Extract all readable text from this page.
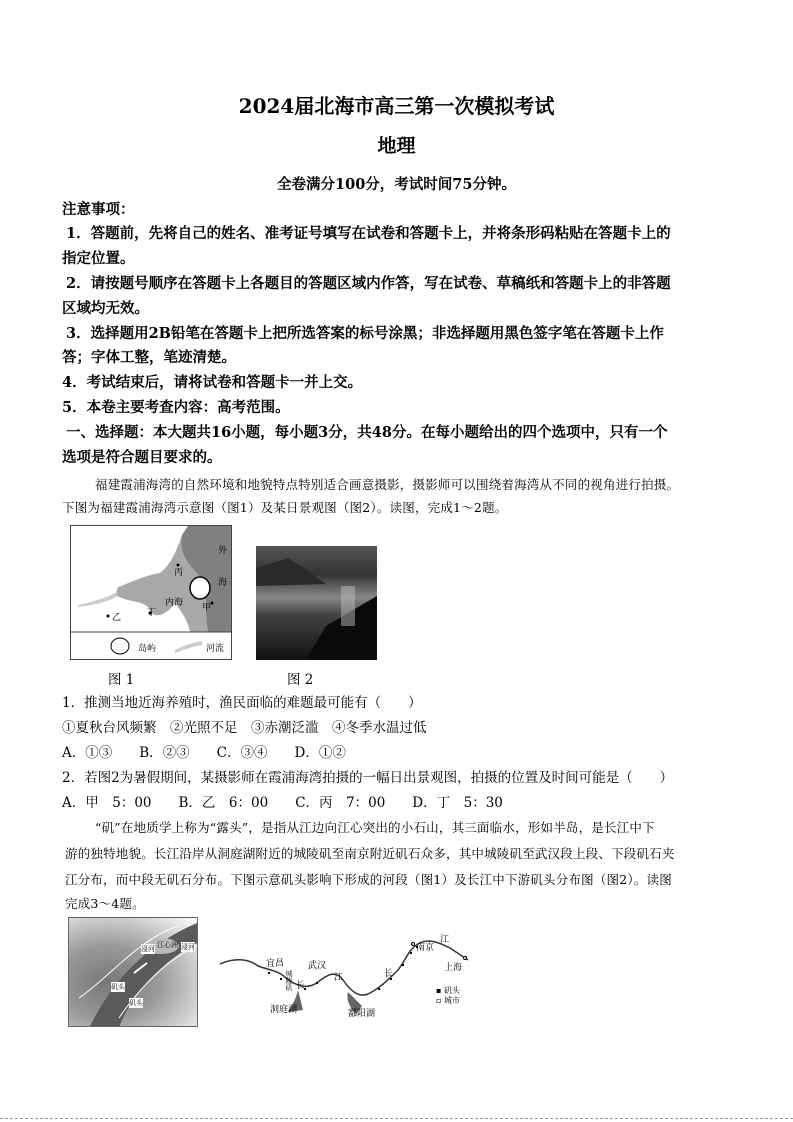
2024届北海市高三第一次模拟考试
地理
全卷满分100分，考试时间75分钟。
注意事项：
1．答题前，先将自己的姓名、准考证号填写在试卷和答题卡上，并将条形码粘贴在答题卡上的
指定位置。
2．请按题号顺序在答题卡上各题目的答题区域内作答，写在试卷、草稿纸和答题卡上的非答题
区域均无效。
3．选择题用2B铅笔在答题卡上把所选答案的标号涂黑；非选择题用黑色签字笔在答题卡上作
答；字体工整，笔迹清楚。
4．考试结束后，请将试卷和答题卡一并上交。
5．本卷主要考查内容：高考范围。
一、选择题：本大题共16小题，每小题3分，共48分。在每小题给出的四个选项中，只有一个
选项是符合题目要求的。
福建霞浦海湾的自然环境和地貌特点特别适合画意摄影，摄影师可以围绕着海湾从不同的视角进行拍摄。
下图为福建霞浦海湾示意图（图1）及某日景观图（图2）。读图，完成1～2题。
外
海
内海 甲
乙
丙
丁
岛屿	河流
图 1	图 2
1．推测当地近海养殖时，渔民面临的难题最可能有（　　）
①夏秋台风频繁　②光照不足　③赤潮泛滥　④冬季水温过低
A．①③　　B．②③　　C．③④　　D．①②
2．若图2为暑假期间，某摄影师在霞浦海湾拍摄的一幅日出景观图，拍摄的位置及时间可能是（　　）
A．甲　5：00　　B．乙　6：00　　C．丙　7：00　　D．丁　5：30
“矶”在地质学上称为“露头”，是指从江边向江心突出的小石山，其三面临水，形如半岛，是长江中下
游的独特地貌。长江沿岸从洞庭湖附近的城陵矶至南京附近矶石众多，其中城陵矶至武汉段上段、下段矶石夹
江分布，而中段无矶石分布。下图示意矶头影响下形成的河段（图1）及长江中下游矶头分布图（图2）。读图
完成3～4题。
浸河 江心洲 浸河
矶头
矶头
宜昌
城陵矶
洞庭湖
武汉
长
江	长
鄱阳湖
南京
江
上海
▪ 矶头
▫ 城市
